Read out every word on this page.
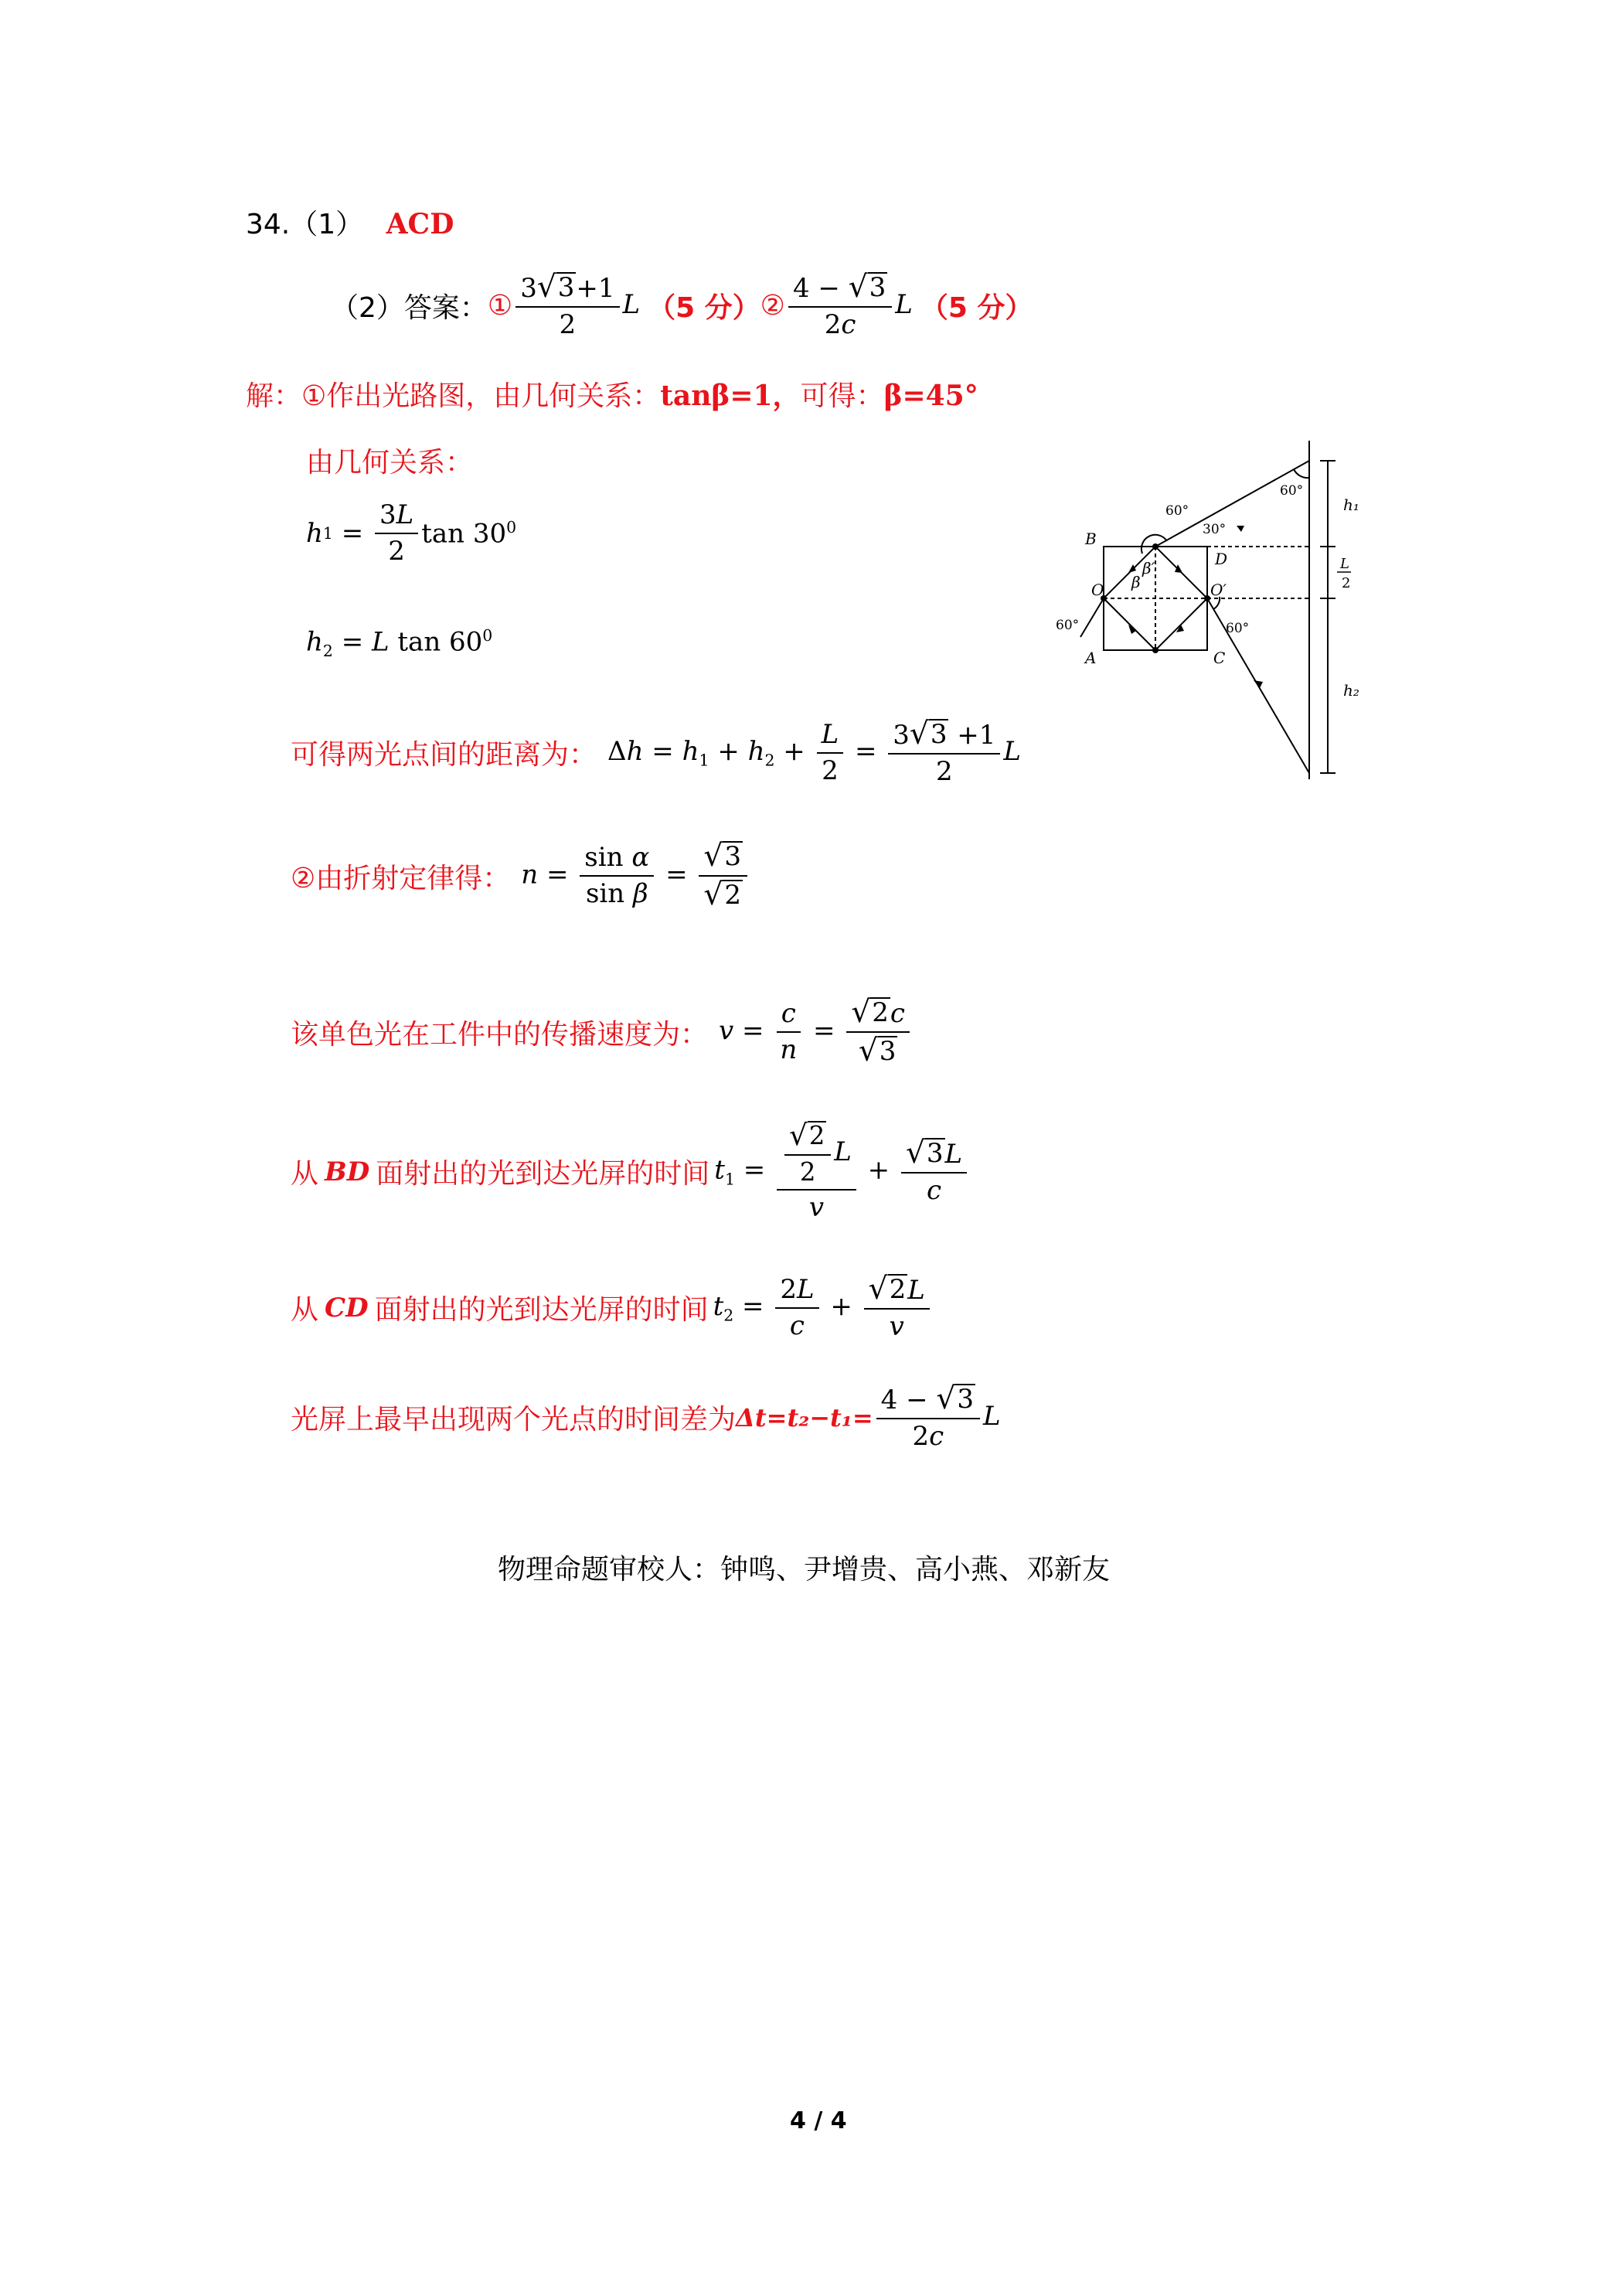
34.（1） ACD
（2）答案： ① $\frac{3 √ 3 +1}{2}$ L （5 分） ② $\frac{4 - √ 3}{2c}$ L （5 分）
解：①作出光路图，由几何关系：tanβ=1，可得：β=45°
由几何关系：
h $1 = \frac{3L}{2}$ $\tan 30^0$
$h_2 = L$ $\tan 60^0$
可得两光点间的距离为： $\Delta h = h_1 + h_2 + \frac{L}{2} = \frac{3 √ 3 +1}{2}$ L
②由折射定律得： $n = \frac{\text{sin α}}{\text{sin β}} = \frac{√ 3}{√ 2}$
该单色光在工件中的传播速度为： $v = \frac{c}{n} = \frac{√ 2 c}{√ 3}$
从 BD 面射出的光到达光屏的时间 $t_1 = \frac{\frac{√ 2}{2} L}{v} + \frac{√ 3 L}{c}$
从 CD 面射出的光到达光屏的时间 $t_2 = \frac{2L}{c} + \frac{√ 2 L}{v}$
光屏上最早出现两个光点的时间差为 $\Delta t=t_2-t_1= \frac{4 - √ 3}{2c}$ L
物理命题审校人：钟鸣、尹增贵、高小燕、邓新友
4 / 4
B
A	C
D
O	O′
β
β′
h₁
h₂
L
2
60°
30°
60°
60°	60°
